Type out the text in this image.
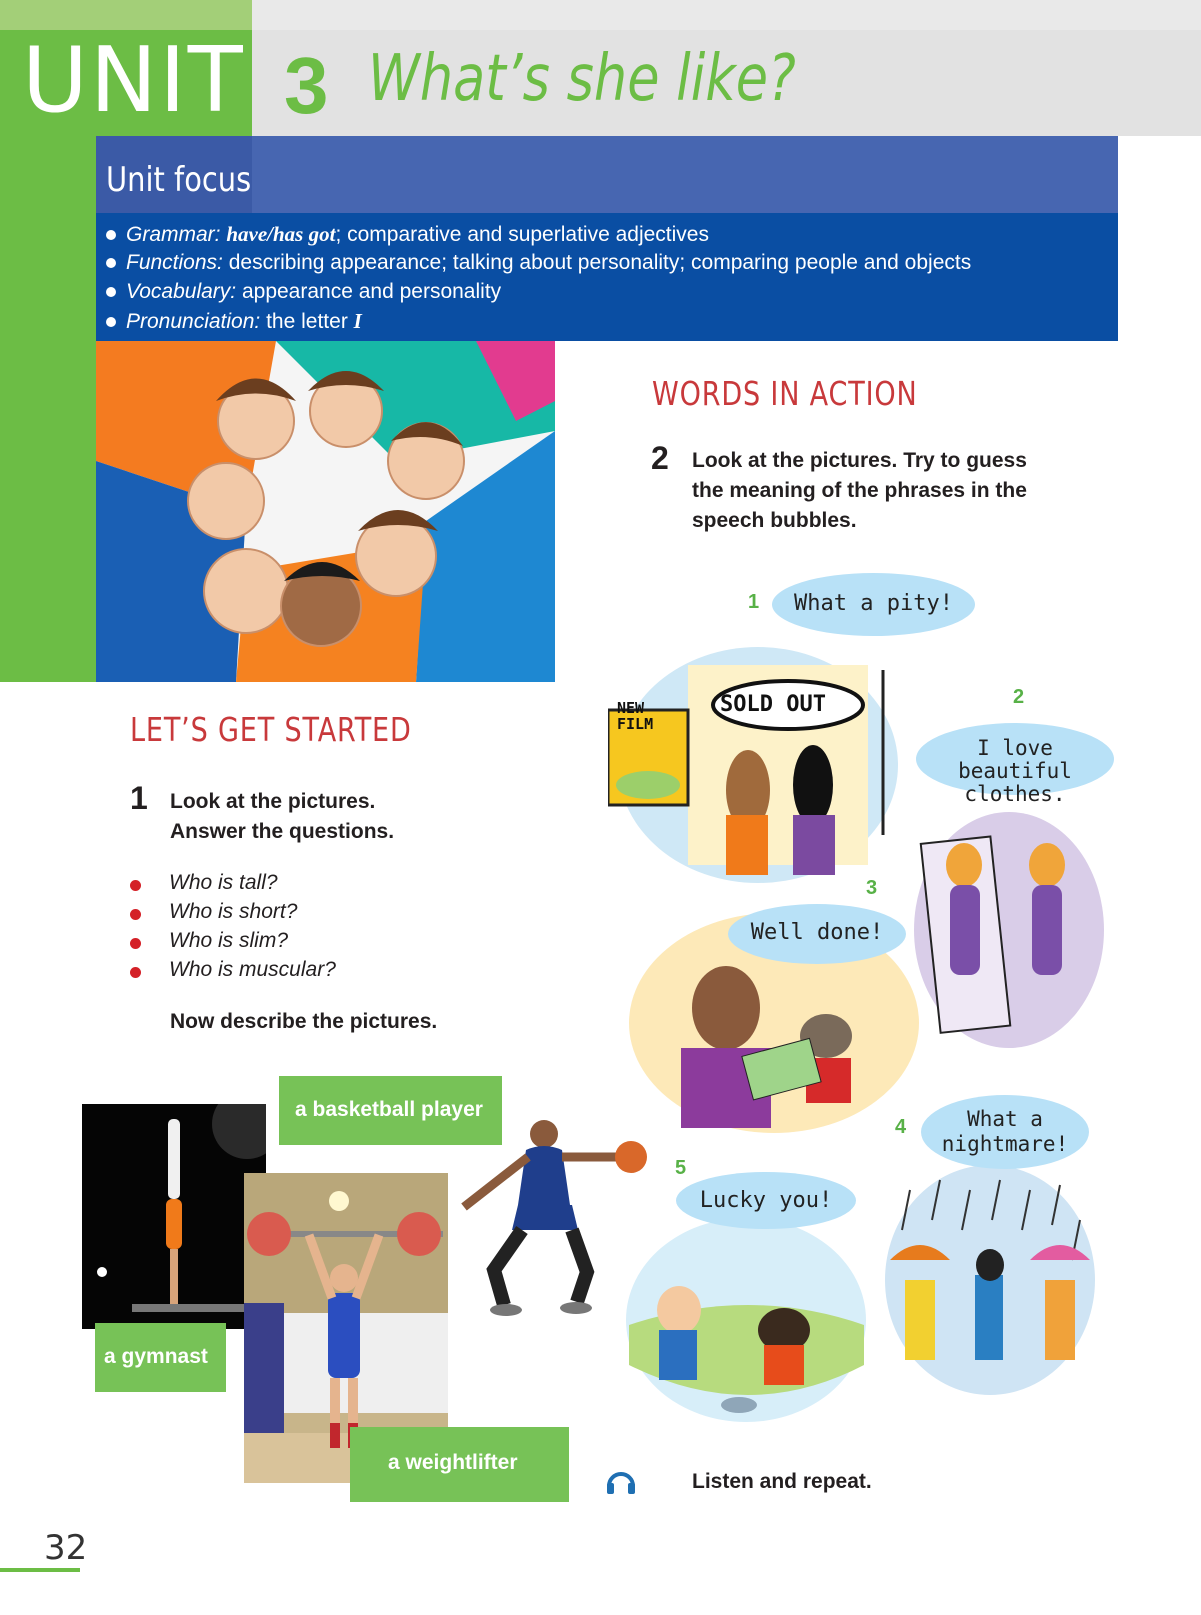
UNIT 3 What’s she like?
Unit focus
Grammar: have/has got; comparative and superlative adjectives
Functions: describing appearance; talking about personality; comparing people and objects
Vocabulary: appearance and personality
Pronunciation: the letter I
LET’S GET STARTED
1 Look at the pictures.
Answer the questions.
Who is tall?
Who is short?
Who is slim?
Who is muscular?
Now describe the pictures.
a gymnast
a weightlifter
a basketball player
WORDS IN ACTION
2 Look at the pictures. Try to guess
the meaning of the phrases in the
speech bubbles.
NEW
FILM
SOLD OUT
1	What a pity!
2
I love beautiful
clothes.
3
Well done!
4	What a
nightmare!
5
Lucky you!
Listen and repeat.
32
